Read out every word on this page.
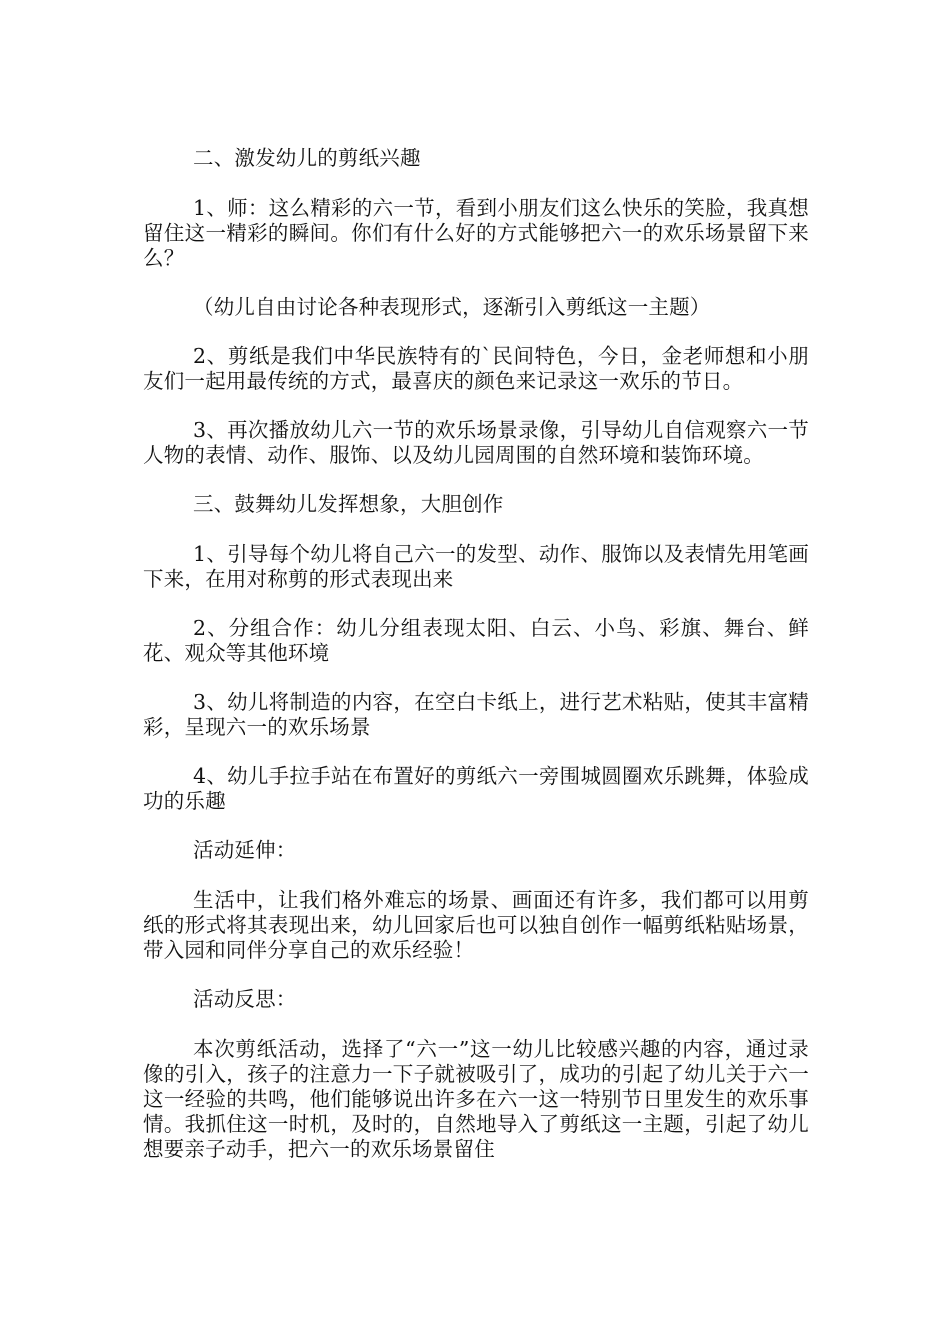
二、激发幼儿的剪纸兴趣

1、师：这么精彩的六一节，看到小朋友们这么快乐的笑脸，我真想留住这一精彩的瞬间。你们有什么好的方式能够把六一的欢乐场景留下来么？

（幼儿自由讨论各种表现形式，逐渐引入剪纸这一主题）

2、剪纸是我们中华民族特有的`民间特色，今日，金老师想和小朋友们一起用最传统的方式，最喜庆的颜色来记录这一欢乐的节日。

3、再次播放幼儿六一节的欢乐场景录像，引导幼儿自信观察六一节人物的表情、动作、服饰、以及幼儿园周围的自然环境和装饰环境。

三、鼓舞幼儿发挥想象，大胆创作

1、引导每个幼儿将自己六一的发型、动作、服饰以及表情先用笔画下来，在用对称剪的形式表现出来

2、分组合作：幼儿分组表现太阳、白云、小鸟、彩旗、舞台、鲜花、观众等其他环境

3、幼儿将制造的内容，在空白卡纸上，进行艺术粘贴，使其丰富精彩，呈现六一的欢乐场景

4、幼儿手拉手站在布置好的剪纸六一旁围城圆圈欢乐跳舞，体验成功的乐趣

活动延伸：

生活中，让我们格外难忘的场景、画面还有许多，我们都可以用剪纸的形式将其表现出来，幼儿回家后也可以独自创作一幅剪纸粘贴场景，带入园和同伴分享自己的欢乐经验！

活动反思：

本次剪纸活动，选择了“六一”这一幼儿比较感兴趣的内容，通过录像的引入，孩子的注意力一下子就被吸引了，成功的引起了幼儿关于六一这一经验的共鸣，他们能够说出许多在六一这一特别节日里发生的欢乐事情。我抓住这一时机，及时的，自然地导入了剪纸这一主题，引起了幼儿想要亲子动手，把六一的欢乐场景留住
